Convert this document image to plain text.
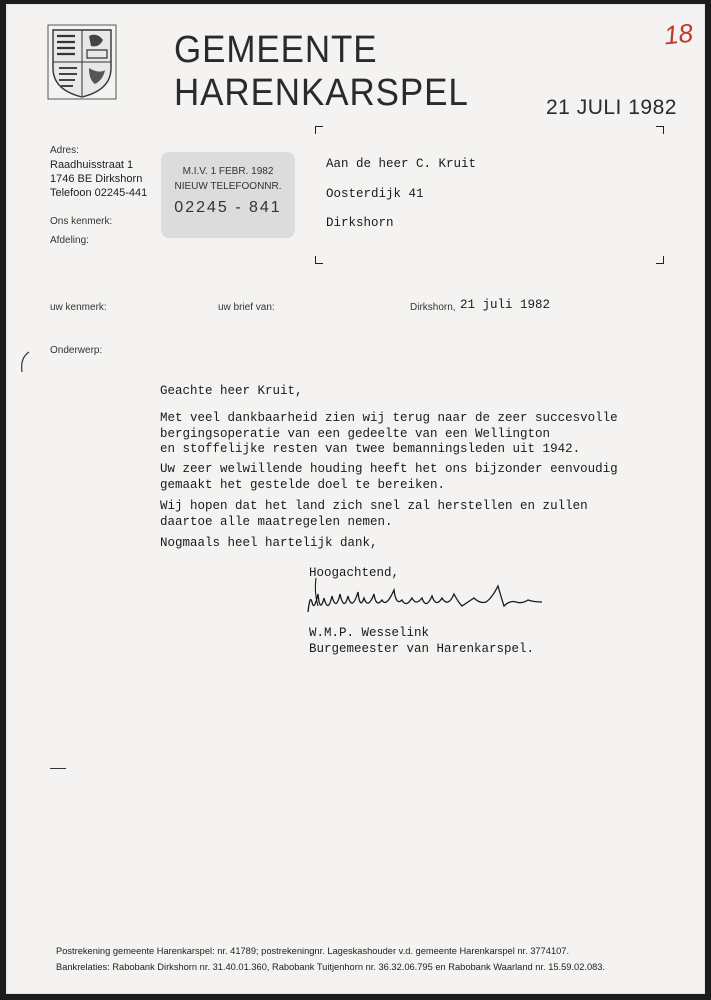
GEMEENTE HARENKARSPEL
18
21 JULI 1982
Adres:
Raadhuisstraat 1
1746 BE Dirkshorn
Telefoon 02245-441
Ons kenmerk:
Afdeling:
M.I.V. 1 FEBR. 1982
NIEUW TELEFOONNR.
02245 - 841
Aan de heer C. Kruit
Oosterdijk 41
Dirkshorn
uw kenmerk:	uw brief van:	Dirkshorn, 21 juli 1982
Onderwerp:
Geachte heer Kruit,
Met veel dankbaarheid zien wij terug naar de zeer succesvolle
bergingsoperatie van een gedeelte van een Wellington
en stoffelijke resten van twee bemanningsleden uit 1942.
Uw zeer welwillende houding heeft het ons bijzonder eenvoudig
gemaakt het gestelde doel te bereiken.
Wij hopen dat het land zich snel zal herstellen en zullen
daartoe alle maatregelen nemen.
Nogmaals heel hartelijk dank,
Hoogachtend,
W.M.P. Wesselink
Burgemeester van Harenkarspel.
Postrekening gemeente Harenkarspel: nr. 41789; postrekeningnr. Lageskashouder v.d. gemeente Harenkarspel nr. 3774107.
Bankrelaties: Rabobank Dirkshorn nr. 31.40.01.360, Rabobank Tuitjenhorn nr. 36.32.06.795 en Rabobank Waarland nr. 15.59.02.083.
